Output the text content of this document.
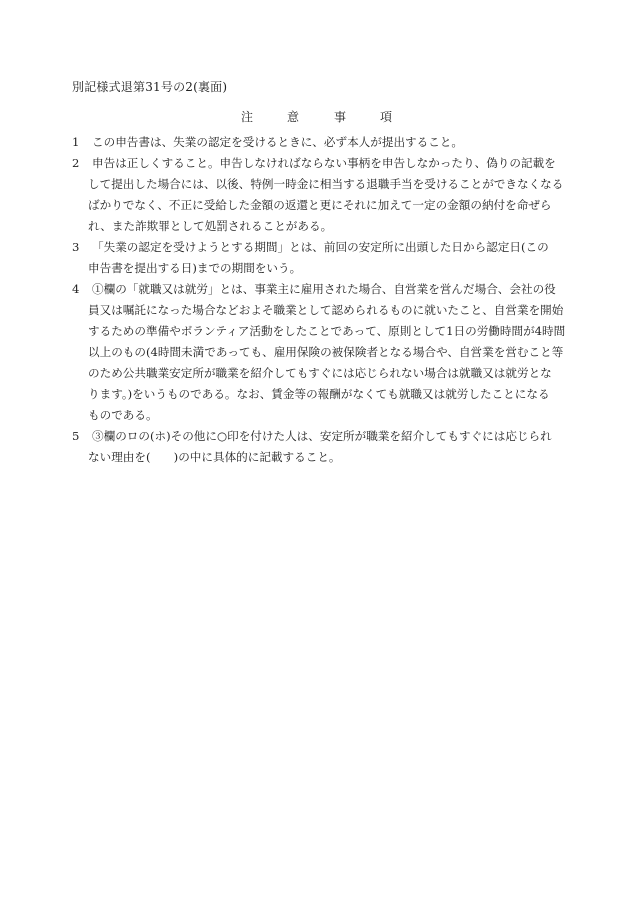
別記様式退第31号の2(裏面)
注	意	事	項
1	この申告書は、失業の認定を受けるときに、必ず本人が提出すること。
2	申告は正しくすること。申告しなければならない事柄を申告しなかったり、偽りの記載を
して提出した場合には、以後、特例一時金に相当する退職手当を受けることができなくなる
ばかりでなく、不正に受給した金額の返還と更にそれに加えて一定の金額の納付を命ぜら
れ、また詐欺罪として処罰されることがある。
3	「失業の認定を受けようとする期間」とは、前回の安定所に出頭した日から認定日(この
申告書を提出する日)までの期間をいう。
4	①欄の「就職又は就労」とは、事業主に雇用された場合、自営業を営んだ場合、会社の役
員又は嘱託になった場合などおよそ職業として認められるものに就いたこと、自営業を開始
するための準備やボランティア活動をしたことであって、原則として1日の労働時間が4時間
以上のもの(4時間未満であっても、雇用保険の被保険者となる場合や、自営業を営むこと等
のため公共職業安定所が職業を紹介してもすぐには応じられない場合は就職又は就労とな
ります。)をいうものである。なお、賃金等の報酬がなくても就職又は就労したことになる
ものである。
5	③欄のロの(ホ)その他に○印を付けた人は、安定所が職業を紹介してもすぐには応じられ
ない理由を(　　)の中に具体的に記載すること。
